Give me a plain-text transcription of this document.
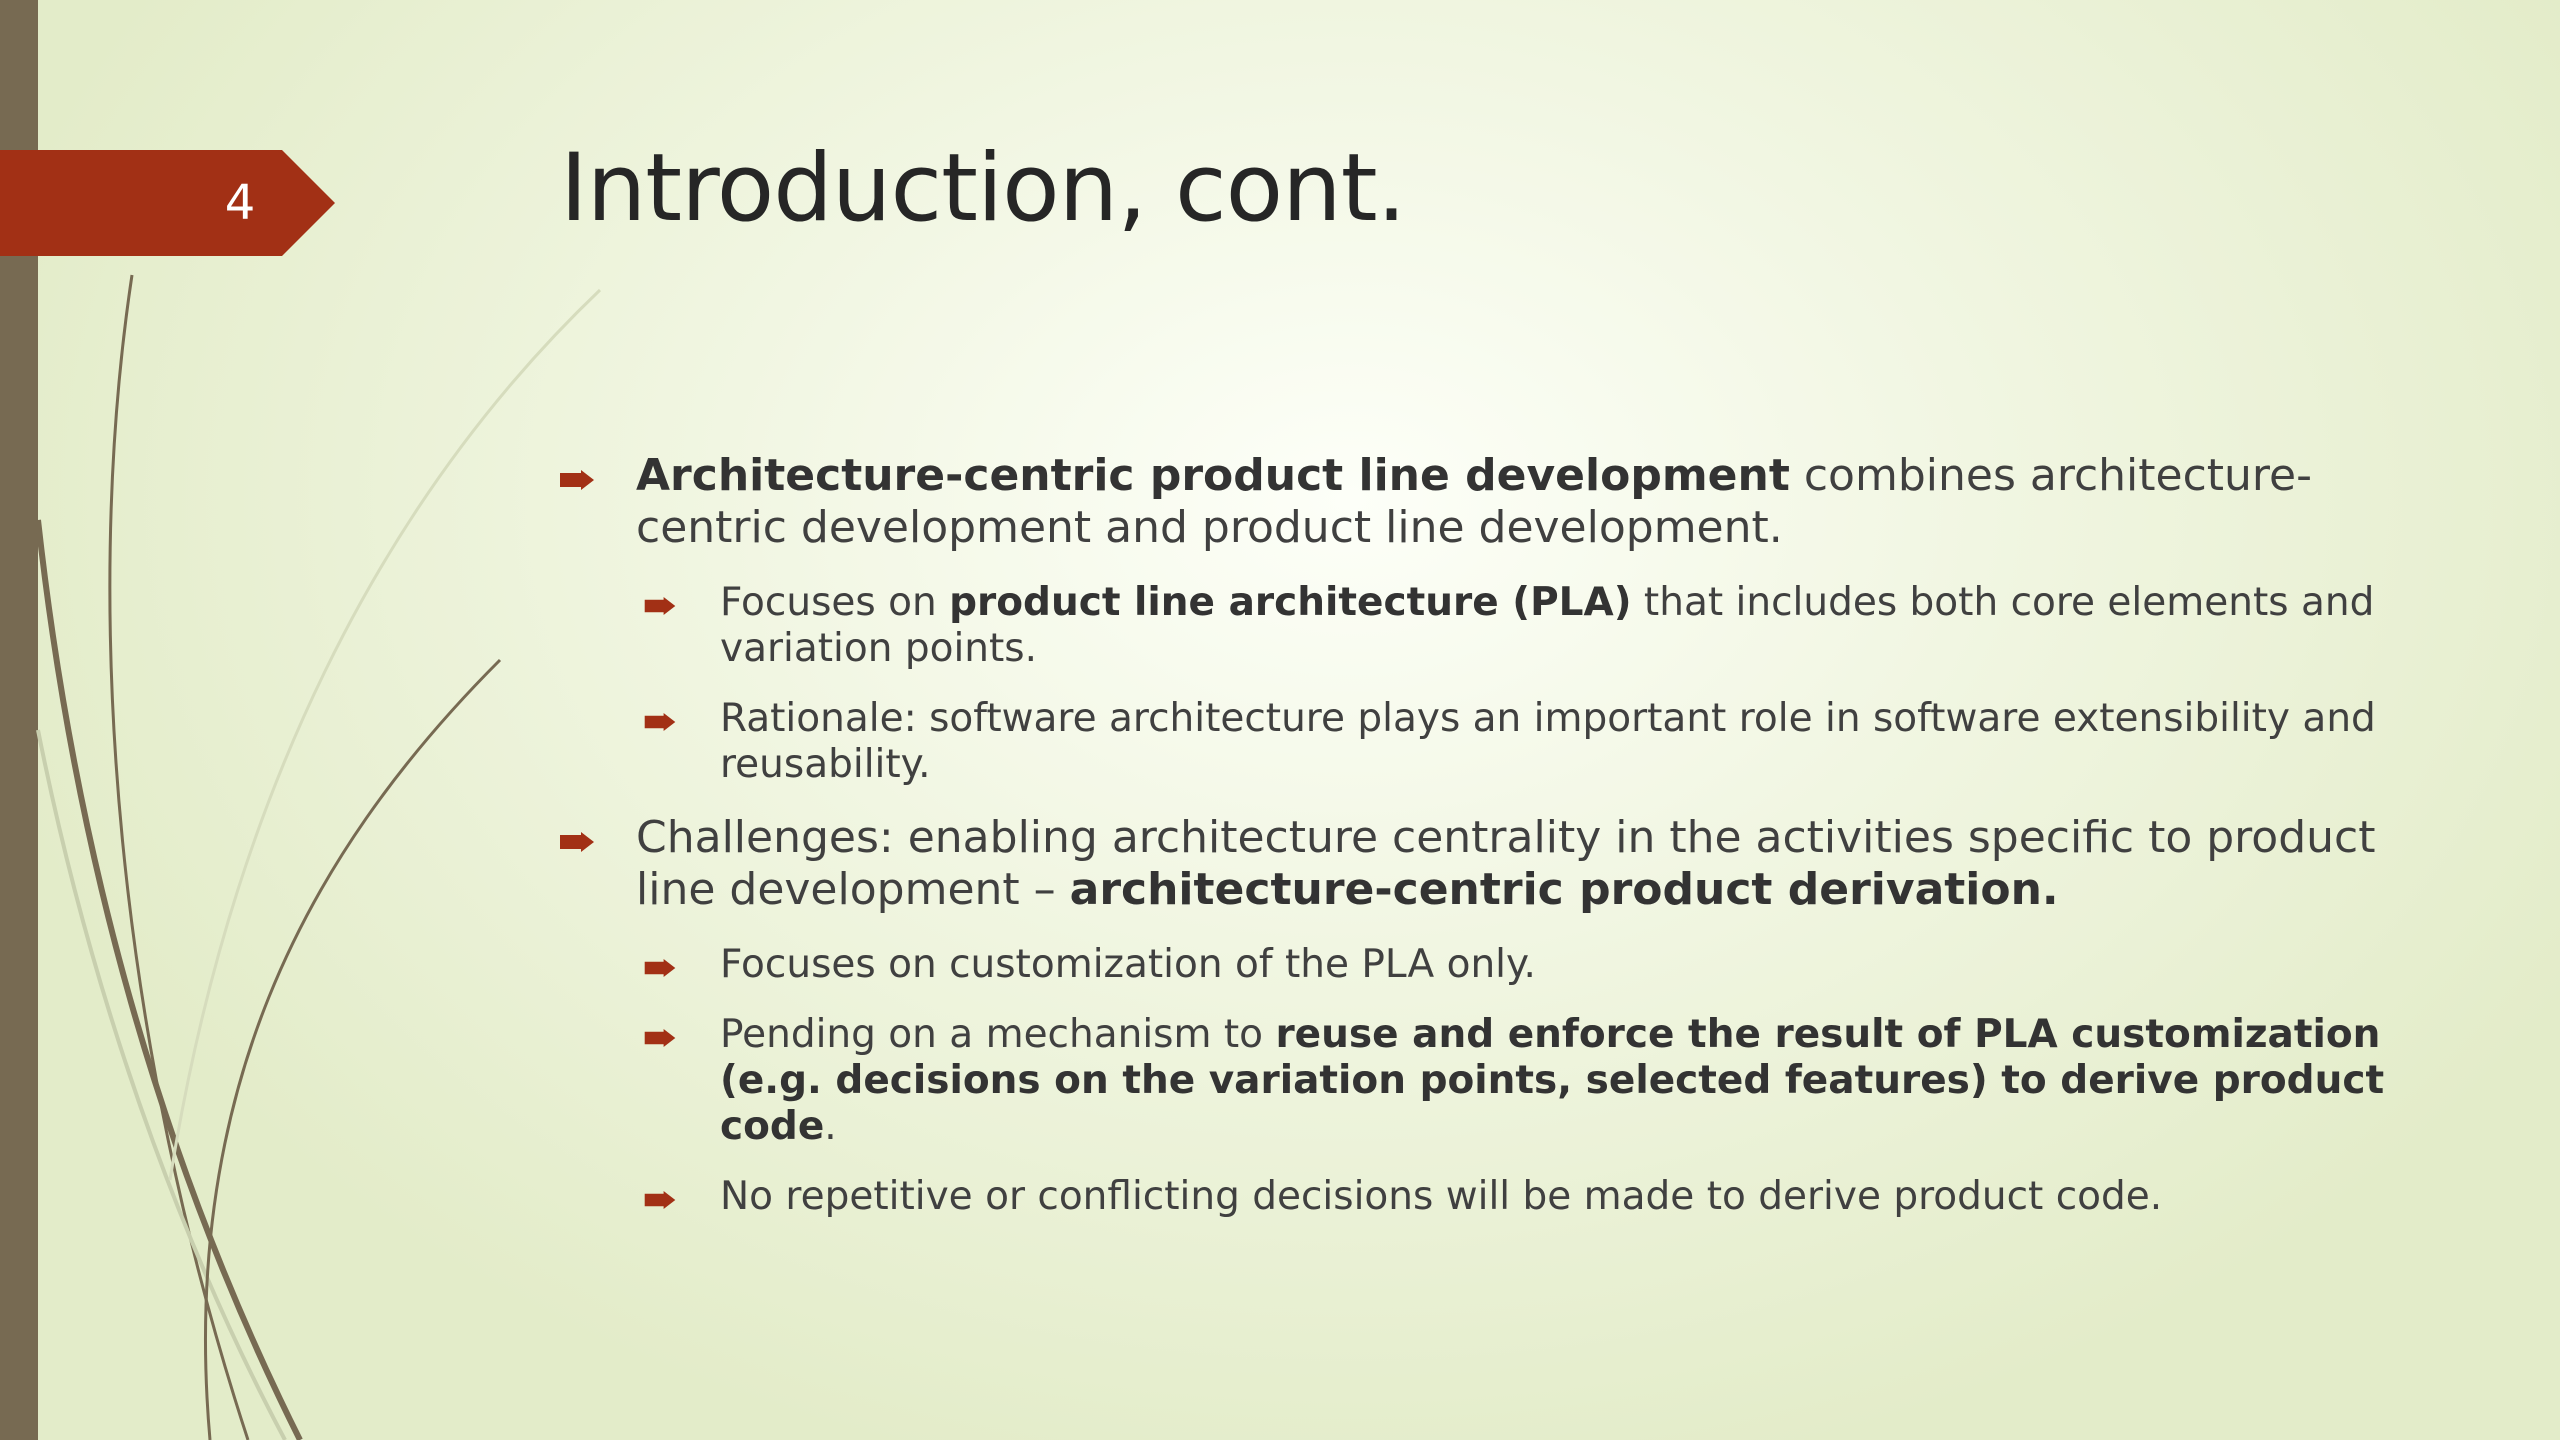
4	Introduction, cont.

Architecture-centric product line development combines architecture-centric development and product line development.

Focuses on product line architecture (PLA) that includes both core elements and variation points.

Rationale: software architecture plays an important role in software extensibility and reusability.

Challenges: enabling architecture centrality in the activities specific to product line development – architecture-centric product derivation.

Focuses on customization of the PLA only.

Pending on a mechanism to reuse and enforce the result of PLA customization (e.g. decisions on the variation points, selected features) to derive product code.

No repetitive or conflicting decisions will be made to derive product code.
